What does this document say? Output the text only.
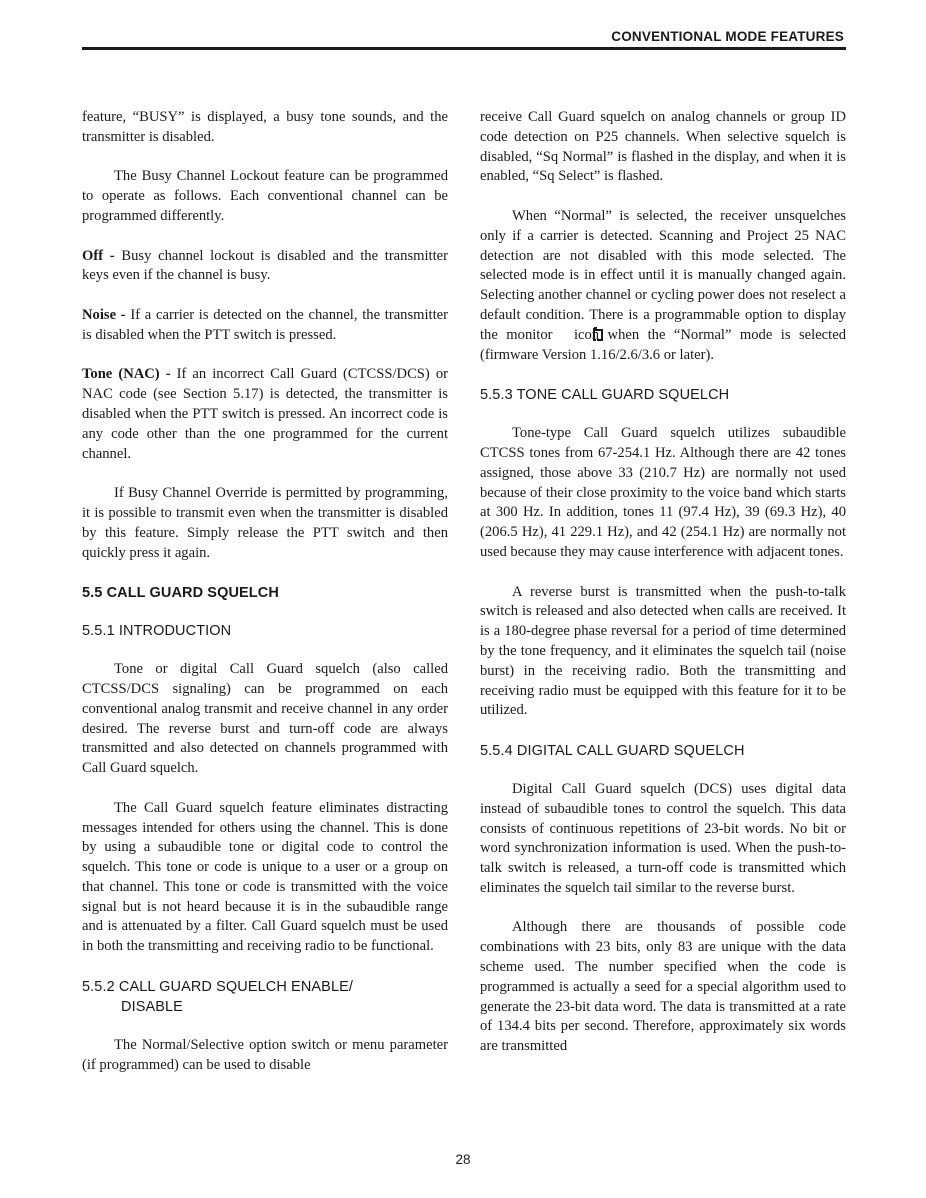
CONVENTIONAL MODE FEATURES

feature, “BUSY” is displayed, a busy tone sounds, and the transmitter is disabled.

The Busy Channel Lockout feature can be programmed to operate as follows. Each conventional channel can be programmed differently.

Off - Busy channel lockout is disabled and the transmitter keys even if the channel is busy.

Noise - If a carrier is detected on the channel, the transmitter is disabled when the PTT switch is pressed.

Tone (NAC) - If an incorrect Call Guard (CTCSS/DCS) or NAC code (see Section 5.17) is detected, the transmitter is disabled when the PTT switch is pressed. An incorrect code is any code other than the one programmed for the current channel.

If Busy Channel Override is permitted by programming, it is possible to transmit even when the transmitter is disabled by this feature. Simply release the PTT switch and then quickly press it again.

5.5 CALL GUARD SQUELCH
5.5.1 INTRODUCTION

Tone or digital Call Guard squelch (also called CTCSS/DCS signaling) can be programmed on each conventional analog transmit and receive channel in any order desired. The reverse burst and turn-off code are always transmitted and also detected on channels programmed with Call Guard squelch.

The Call Guard squelch feature eliminates distracting messages intended for others using the channel. This is done by using a subaudible tone or digital code to control the squelch. This tone or code is unique to a user or a group on that channel. This tone or code is transmitted with the voice signal but is not heard because it is in the subaudible range and is attenuated by a filter. Call Guard squelch must be used in both the transmitting and receiving radio to be functional.

5.5.2 CALL GUARD SQUELCH ENABLE/
DISABLE

The Normal/Selective option switch or menu parameter (if programmed) can be used to disable

receive Call Guard squelch on analog channels or group ID code detection on P25 channels. When selective squelch is disabled, “Sq Normal” is flashed in the display, and when it is enabled, “Sq Select” is flashed.

When “Normal” is selected, the receiver unsquelches only if a carrier is detected. Scanning and Project 25 NAC detection are not disabled with this mode selected. The selected mode is in effect until it is manually changed again. Selecting another channel or cycling power does not reselect a default condition. There is a programmable option to display the monitor icon when the “Normal” mode is selected (firmware Version 1.16/2.6/3.6 or later).

5.5.3 TONE CALL GUARD SQUELCH

Tone-type Call Guard squelch utilizes subaudible CTCSS tones from 67-254.1 Hz. Although there are 42 tones assigned, those above 33 (210.7 Hz) are normally not used because of their close proximity to the voice band which starts at 300 Hz. In addition, tones 11 (97.4 Hz), 39 (69.3 Hz), 40 (206.5 Hz), 41 229.1 Hz), and 42 (254.1 Hz) are normally not used because they may cause interference with adjacent tones.

A reverse burst is transmitted when the push-to-talk switch is released and also detected when calls are received. It is a 180-degree phase reversal for a period of time determined by the tone frequency, and it eliminates the squelch tail (noise burst) in the receiving radio. Both the transmitting and receiving radio must be equipped with this feature for it to be utilized.

5.5.4 DIGITAL CALL GUARD SQUELCH

Digital Call Guard squelch (DCS) uses digital data instead of subaudible tones to control the squelch. This data consists of continuous repetitions of 23-bit words. No bit or word synchronization information is used. When the push-to-talk switch is released, a turn-off code is transmitted which eliminates the squelch tail similar to the reverse burst.

Although there are thousands of possible code combinations with 23 bits, only 83 are unique with the data scheme used. The number specified when the code is programmed is actually a seed for a special algorithm used to generate the 23-bit data word. The data is transmitted at a rate of 134.4 bits per second. Therefore, approximately six words are transmitted

28
